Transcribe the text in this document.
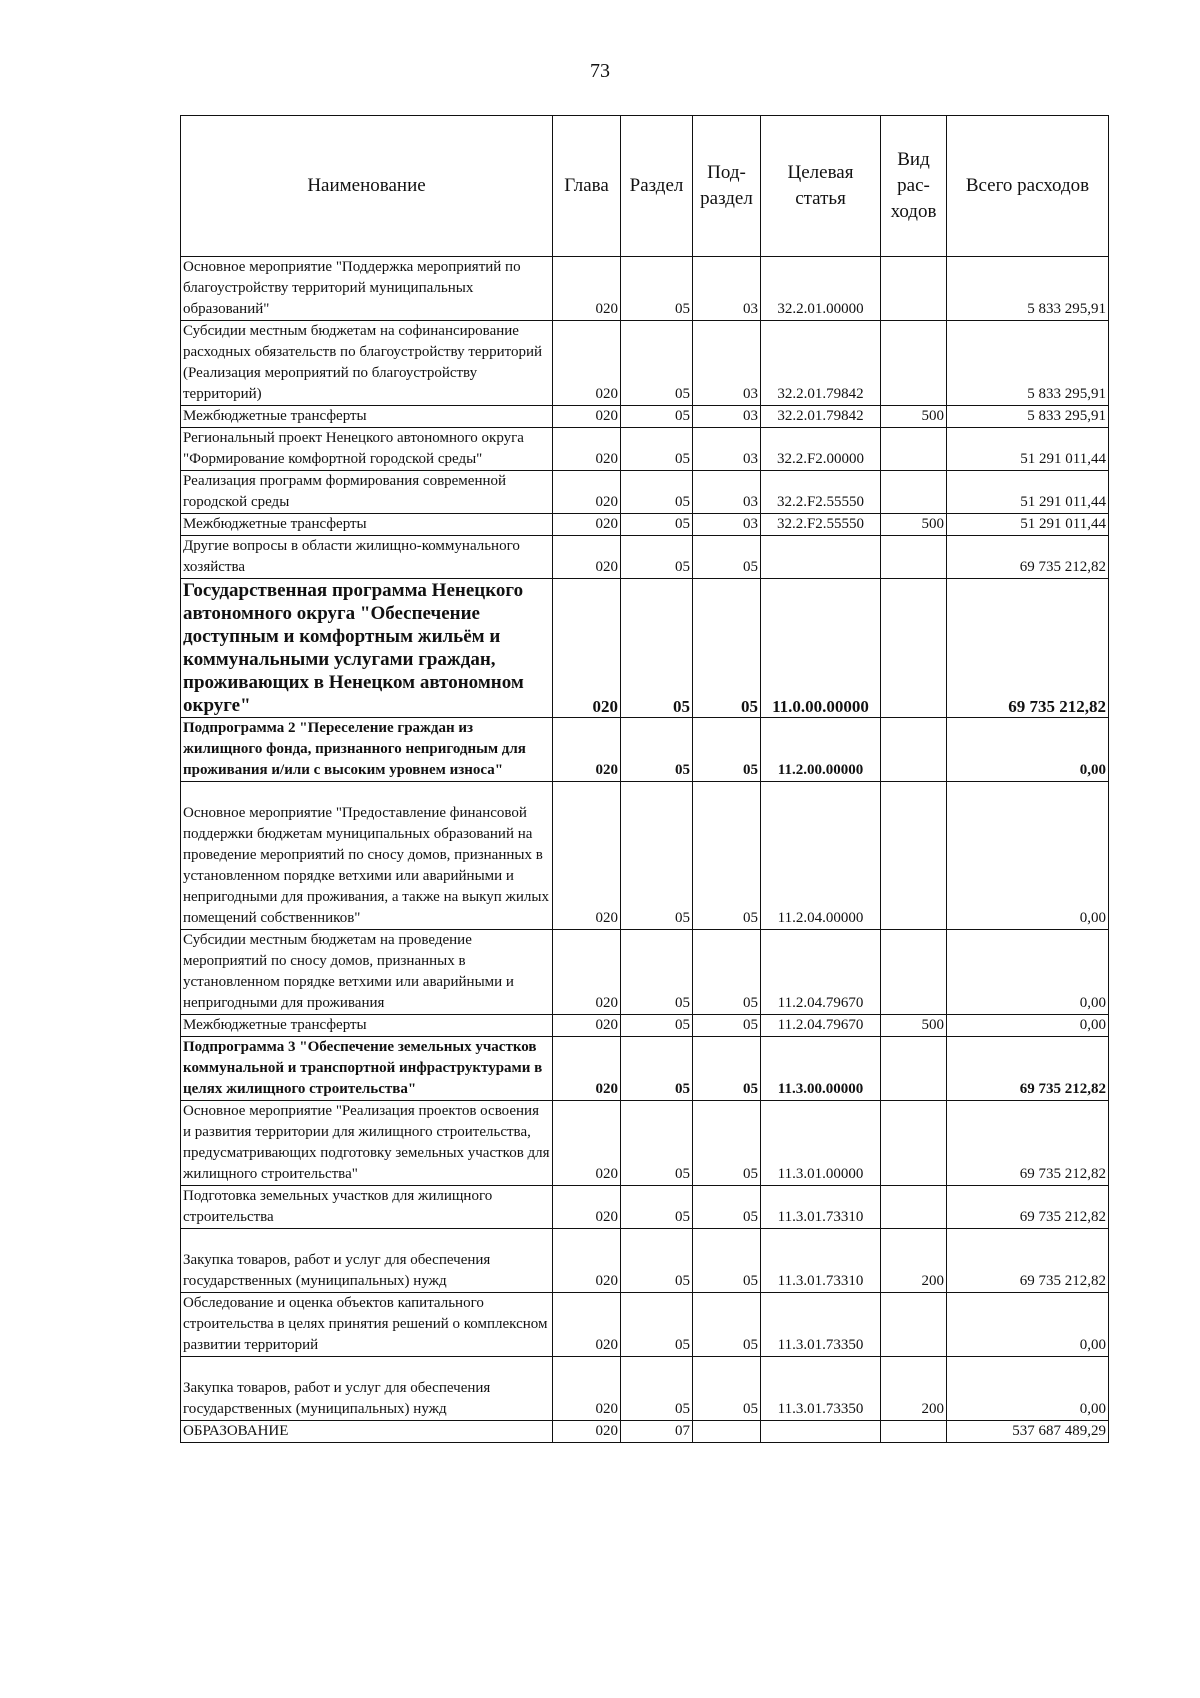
73
Наименование	Глава	Раздел	Под-раздел	Целевая статья	Вид рас-ходов	Всего расходов
Основное мероприятие "Поддержка мероприятий по благоустройству территорий муниципальных образований"	020	05	03	32.2.01.00000		5 833 295,91
Субсидии местным бюджетам на софинансирование расходных обязательств по благоустройству территорий (Реализация мероприятий по благоустройству территорий)	020	05	03	32.2.01.79842		5 833 295,91
Межбюджетные трансферты	020	05	03	32.2.01.79842	500	5 833 295,91
Региональный проект Ненецкого автономного округа "Формирование комфортной городской среды"	020	05	03	32.2.F2.00000		51 291 011,44
Реализация программ формирования современной городской среды	020	05	03	32.2.F2.55550		51 291 011,44
Межбюджетные трансферты	020	05	03	32.2.F2.55550	500	51 291 011,44
Другие вопросы в области жилищно-коммунального хозяйства	020	05	05			69 735 212,82
Государственная программа Ненецкого автономного округа "Обеспечение доступным и комфортным жильём и коммунальными услугами граждан, проживающих в Ненецком автономном округе"	020	05	05	11.0.00.00000		69 735 212,82
Подпрограмма 2 "Переселение граждан из жилищного фонда, признанного непригодным для проживания и/или с высоким уровнем износа"	020	05	05	11.2.00.00000		0,00

Основное мероприятие "Предоставление финансовой поддержки бюджетам муниципальных образований на проведение мероприятий по сносу домов, признанных в установленном порядке ветхими или аварийными и непригодными для проживания, а также на выкуп жилых помещений собственников"	020	05	05	11.2.04.00000		0,00
Субсидии местным бюджетам на проведение мероприятий по сносу домов, признанных в установленном порядке ветхими или аварийными и непригодными для проживания	020	05	05	11.2.04.79670		0,00
Межбюджетные трансферты	020	05	05	11.2.04.79670	500	0,00
Подпрограмма 3 "Обеспечение земельных участков коммунальной и транспортной инфраструктурами в целях жилищного строительства"	020	05	05	11.3.00.00000		69 735 212,82
Основное мероприятие "Реализация проектов освоения и развития территории для жилищного строительства, предусматривающих подготовку земельных участков для жилищного строительства"	020	05	05	11.3.01.00000		69 735 212,82
Подготовка земельных участков для жилищного строительства	020	05	05	11.3.01.73310		69 735 212,82

Закупка товаров, работ и услуг для обеспечения государственных (муниципальных) нужд	020	05	05	11.3.01.73310	200	69 735 212,82
Обследование и оценка объектов капитального строительства в целях принятия решений о комплексном развитии территорий	020	05	05	11.3.01.73350		0,00

Закупка товаров, работ и услуг для обеспечения государственных (муниципальных) нужд	020	05	05	11.3.01.73350	200	0,00
ОБРАЗОВАНИЕ	020	07				537 687 489,29
